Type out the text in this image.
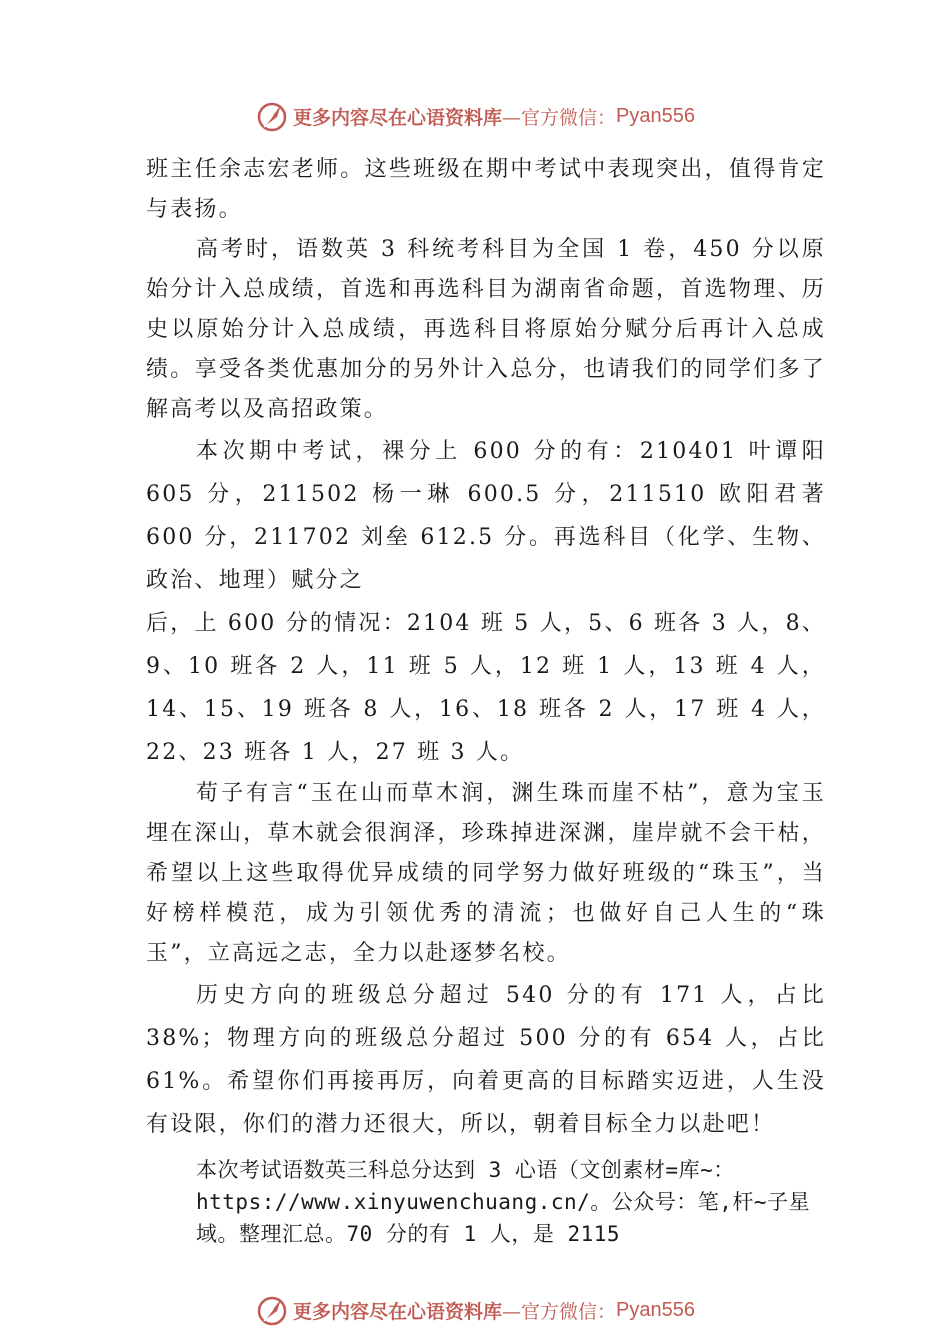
更多内容尽在心语资料库 —官方微信： Pyan556

班主任余志宏老师。这些班级在期中考试中表现突出，值得肯定与表扬。

高考时，语数英 3 科统考科目为全国 1 卷，450 分以原始分计入总成绩，首选和再选科目为湖南省命题，首选物理、历史以原始分计入总成绩，再选科目将原始分赋分后再计入总成绩。享受各类优惠加分的另外计入总分，也请我们的同学们多了解高考以及高招政策。

本次期中考试，裸分上 600 分的有：210401 叶谭阳 605 分，211502 杨一琳 600.5 分，211510 欧阳君著 600 分，211702 刘垒 612.5 分。再选科目（化学、生物、政治、地理）赋分之

后，上 600 分的情况：2104 班 5 人，5、6 班各 3 人，8、9、10 班各 2 人，11 班 5 人，12 班 1 人，13 班 4 人，14、15、19 班各 8 人，16、18 班各 2 人，17 班 4 人，22、23 班各 1 人，27 班 3 人。

荀子有言“玉在山而草木润，渊生珠而崖不枯”，意为宝玉埋在深山，草木就会很润泽，珍珠掉进深渊，崖岸就不会干枯，希望以上这些取得优异成绩的同学努力做好班级的“珠玉”，当好榜样模范，成为引领优秀的清流；也做好自己人生的“珠玉”，立高远之志，全力以赴逐梦名校。

历史方向的班级总分超过 540 分的有 171 人，占比 38%；物理方向的班级总分超过 500 分的有 654 人，占比 61%。希望你们再接再厉，向着更高的目标踏实迈进，人生没有设限，你们的潜力还很大，所以，朝着目标全力以赴吧！

本次考试语数英三科总分达到 3 心语（文创素材=库~：https://www.xinyuwenchuang.cn/。公众号：笔,杆~子星域。整理汇总。70 分的有 1 人，是 2115

更多内容尽在心语资料库 —官方微信： Pyan556
